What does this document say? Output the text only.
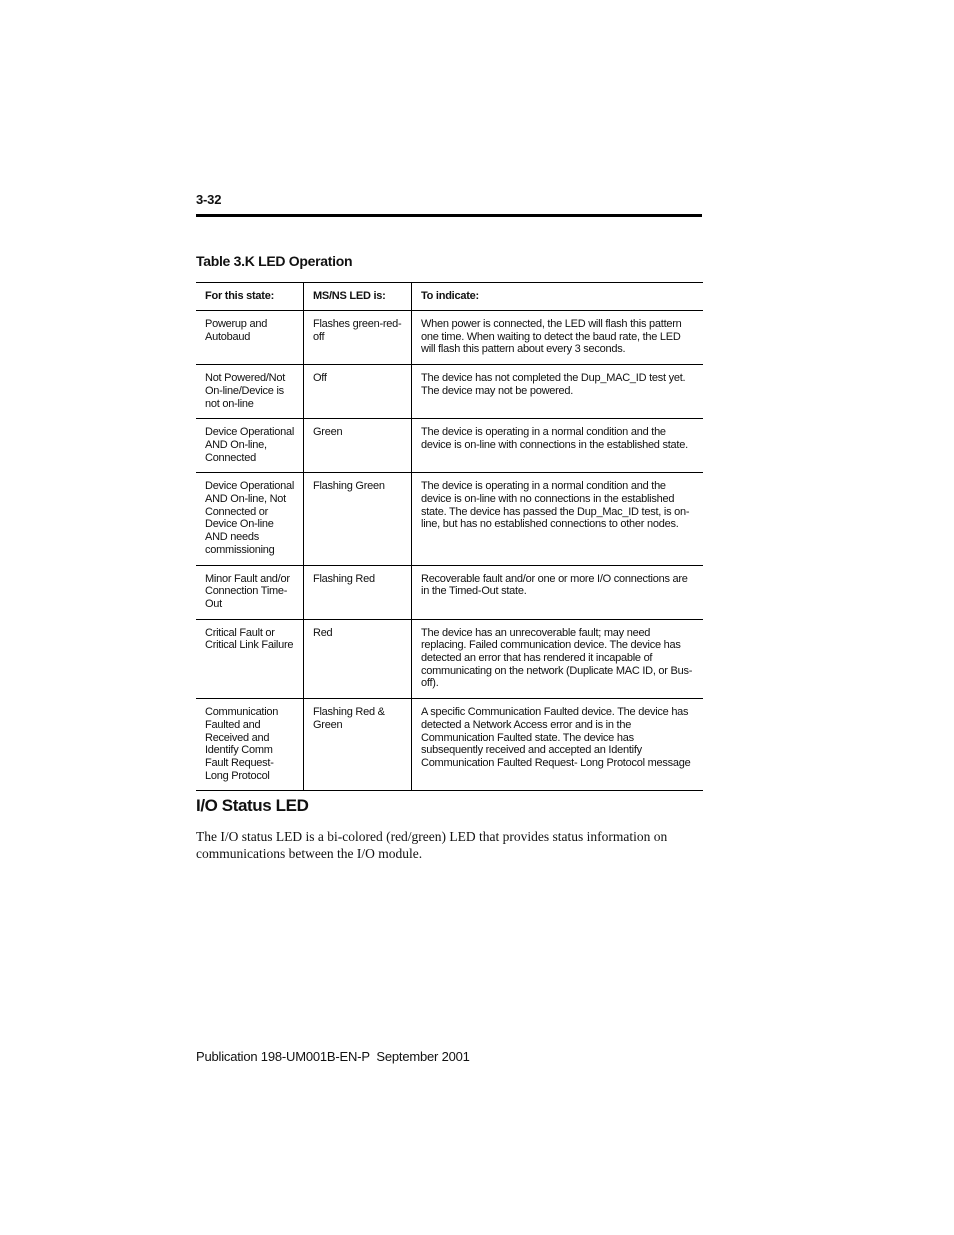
3-32
Table 3.K LED Operation
For this state:	MS/NS LED is:	To indicate:
Powerup and Autobaud	Flashes green-red-off	When power is connected, the LED will flash this pattern one time. When waiting to detect the baud rate, the LED will flash this pattern about every 3 seconds.
Not Powered/Not On-line/Device is not on-line	Off	The device has not completed the Dup_MAC_ID test yet. The device may not be powered.
Device Operational AND On-line, Connected	Green	The device is operating in a normal condition and the device is on-line with connections in the established state.
Device Operational AND On-line, Not Connected or Device On-line AND needs commissioning	Flashing Green	The device is operating in a normal condition and the device is on-line with no connections in the established state. The device has passed the Dup_Mac_ID test, is on-line, but has no established connections to other nodes.
Minor Fault and/or Connection Time-Out	Flashing Red	Recoverable fault and/or one or more I/O connections are in the Timed-Out state.
Critical Fault or Critical Link Failure	Red	The device has an unrecoverable fault; may need replacing. Failed communication device. The device has detected an error that has rendered it incapable of communicating on the network (Duplicate MAC ID, or Bus-off).
Communication Faulted and Received and Identify Comm Fault Request- Long Protocol	Flashing Red & Green	A specific Communication Faulted device. The device has detected a Network Access error and is in the Communication Faulted state. The device has subsequently received and accepted an Identify Communication Faulted Request- Long Protocol message
I/O Status LED
The I/O status LED is a bi-colored (red/green) LED that provides status information on communications between the I/O module.
Publication 198-UM001B-EN-P  September 2001
